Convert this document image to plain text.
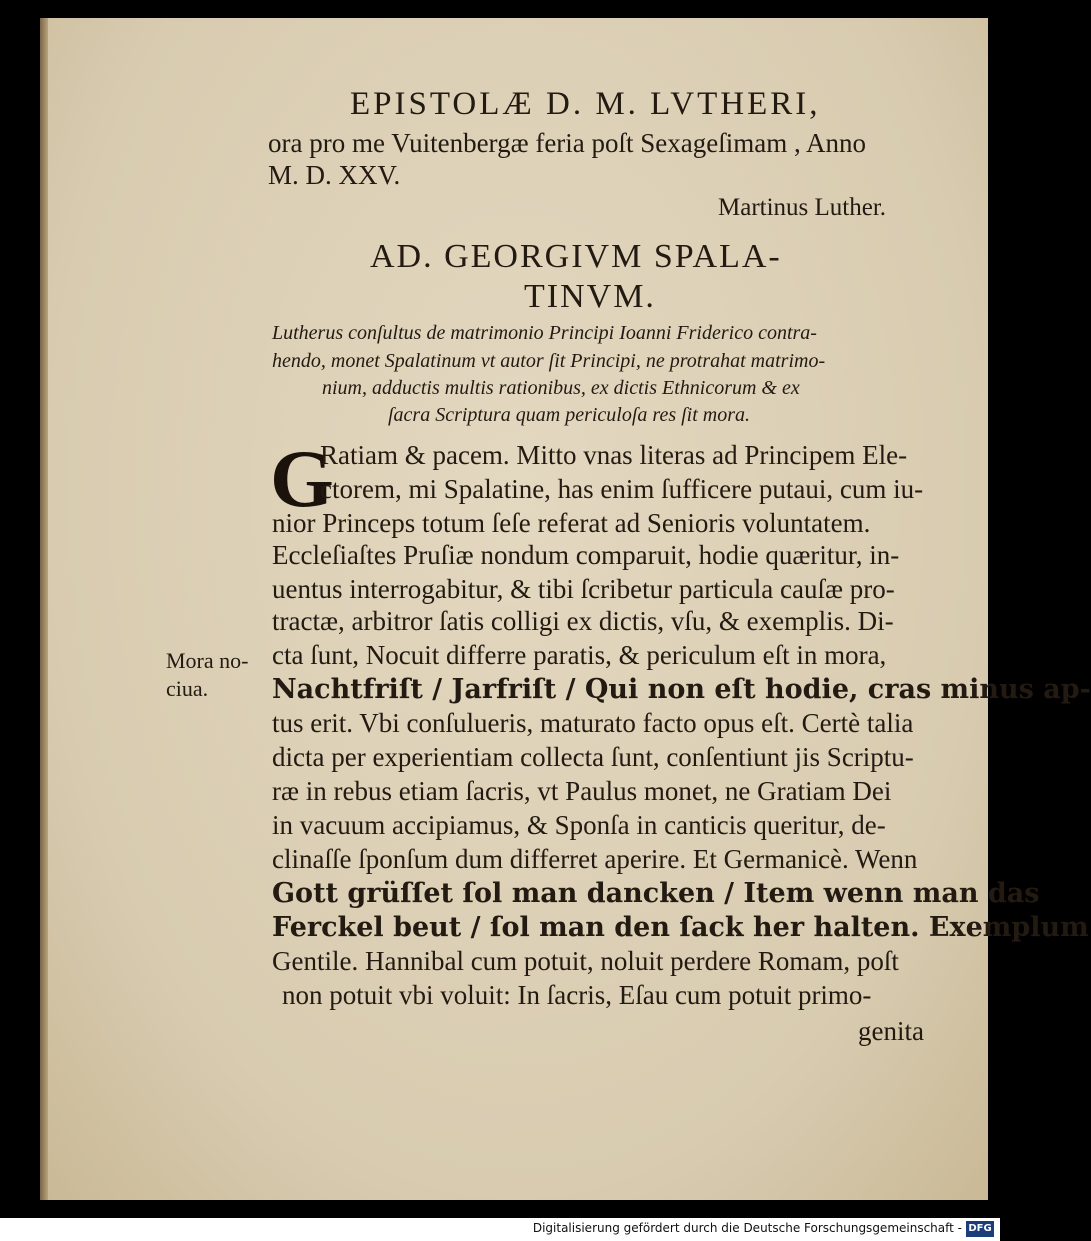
EPISTOLÆ D. M. LVTHERI,
ora pro me Vuitenbergæ feria poſt Sexageſimam , Anno
M. D. XXV.
Martinus Luther.
AD. GEORGIVM SPALA-
TINVM.
Lutherus conſultus de matrimonio Principi Ioanni Friderico contra-
hendo, monet Spalatinum vt autor ſit Principi, ne protrahat matrimo-
nium, adductis multis rationibus, ex dictis Ethnicorum & ex
ſacra Scriptura quam periculoſa res ſit mora.
G
Ratiam & pacem. Mitto vnas literas ad Principem Ele-
ctorem, mi Spalatine, has enim ſufficere putaui, cum iu-
nior Princeps totum ſeſe referat ad Senioris voluntatem.
Eccleſiaſtes Pruſiæ nondum comparuit, hodie quæritur, in-
uentus interrogabitur, & tibi ſcribetur particula cauſæ pro-
tractæ, arbitror ſatis colligi ex dictis, vſu, & exemplis. Di-
cta ſunt, Nocuit differre paratis, & periculum eſt in mora,
Nachtfriſt / Jarfriſt / Qui non eſt hodie, cras minus ap-
tus erit. Vbi conſulueris, maturato facto opus eſt. Certè talia
dicta per experientiam collecta ſunt, conſentiunt jis Scriptu-
ræ in rebus etiam ſacris, vt Paulus monet, ne Gratiam Dei
in vacuum accipiamus, & Sponſa in canticis queritur, de-
clinaſſe ſponſum dum differret aperire. Et Germanicè. Wenn
Gott grüſſet ſol man dancken / Item wenn man das
Ferckel beut / ſol man den ſack her halten. Exemplum
Gentile. Hannibal cum potuit, noluit perdere Romam, poſt
non potuit vbi voluit: In ſacris, Eſau cum potuit primo-
genita
Mora no-
ciua.
Digitalisierung gefördert durch die Deutsche Forschungsgemeinschaft - DFG
